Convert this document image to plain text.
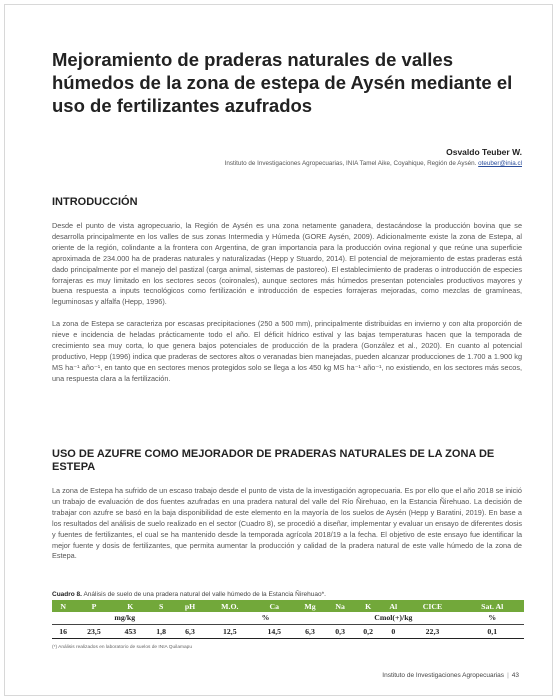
Mejoramiento de praderas naturales de valles húmedos de la zona de estepa de Aysén mediante el uso de fertilizantes azufrados
Osvaldo Teuber W.
Instituto de Investigaciones Agropecuarias, INIA Tamel Aike, Coyahique, Región de Aysén. oteuber@inia.cl
INTRODUCCIÓN

Desde el punto de vista agropecuario, la Región de Aysén es una zona netamente ganadera, destacándose la producción bovina que se desarrolla principalmente en los valles de sus zonas Intermedia y Húmeda (GORE Aysén, 2009). Adicionalmente existe la zona de Estepa, al oriente de la región, colindante a la frontera con Argentina, de gran importancia para la producción ovina regional y que reúne una superficie aproximada de 234.000 ha de praderas naturales y naturalizadas (Hepp y Stuardo, 2014). El potencial de mejoramiento de estas praderas está dado principalmente por el manejo del pastizal (carga animal, sistemas de pastoreo). El establecimiento de praderas o introducción de especies forrajeras es muy limitado en los sectores secos (coironales), aunque sectores más húmedos presentan potenciales productivos mayores y buena respuesta a inputs tecnológicos como fertilización e introducción de especies forrajeras mejoradas, como mezclas de gramíneas, leguminosas y alfalfa (Hepp, 1996).

La zona de Estepa se caracteriza por escasas precipitaciones (250 a 500 mm), principalmente distribuidas en invierno y con alta proporción de nieve e incidencia de heladas prácticamente todo el año. El déficit hídrico estival y las bajas temperaturas hacen que la temporada de crecimiento sea muy corta, lo que genera bajos potenciales de producción de la pradera (González et al., 2020). En cuanto al potencial productivo, Hepp (1996) indica que praderas de sectores altos o veranadas bien manejadas, pueden alcanzar producciones de 1.700 a 1.900 kg MS ha⁻¹ año⁻¹, en tanto que en sectores menos protegidos solo se llega a los 450 kg MS ha⁻¹ año⁻¹, no existiendo, en los sectores más secos, una respuesta clara a la fertilización.

USO DE AZUFRE COMO MEJORADOR DE PRADERAS NATURALES DE LA ZONA DE ESTEPA

La zona de Estepa ha sufrido de un escaso trabajo desde el punto de vista de la investigación agropecuaria. Es por ello que el año 2018 se inició un trabajo de evaluación de dos fuentes azufradas en una pradera natural del valle del Río Ñirehuao, en la Estancia Ñirehuao. La decisión de trabajar con azufre se basó en la baja disponibilidad de este elemento en la mayoría de los suelos de Aysén (Hepp y Baratini, 2019). En base a los resultados del análisis de suelo realizado en el sector (Cuadro 8), se procedió a diseñar, implementar y evaluar un ensayo de diferentes dosis y fuentes de fertilizantes, el cual se ha mantenido desde la temporada agrícola 2018/19 a la fecha. El objetivo de este ensayo fue identificar la mejor fuente y dosis de fertilizantes, que permita aumentar la producción y calidad de la pradera natural de este valle húmedo de la zona de Estepa.

Cuadro 8. Análisis de suelo de una pradera natural del valle húmedo de la Estancia Ñirehuao*.
N	P	K	S	pH	M.O.	Ca	Mg	Na	K	Al	CICE	Sat. Al
	mg/kg				%			Cmol(+)/kg				%
16	23,5	453	1,8	6,3	12,5	14,5	6,3	0,3	0,2	0	22,3	0,1
(*) Análisis realizados en laboratorio de suelos de INIA Quilamapu
Instituto de Investigaciones Agropecuarias | 43
